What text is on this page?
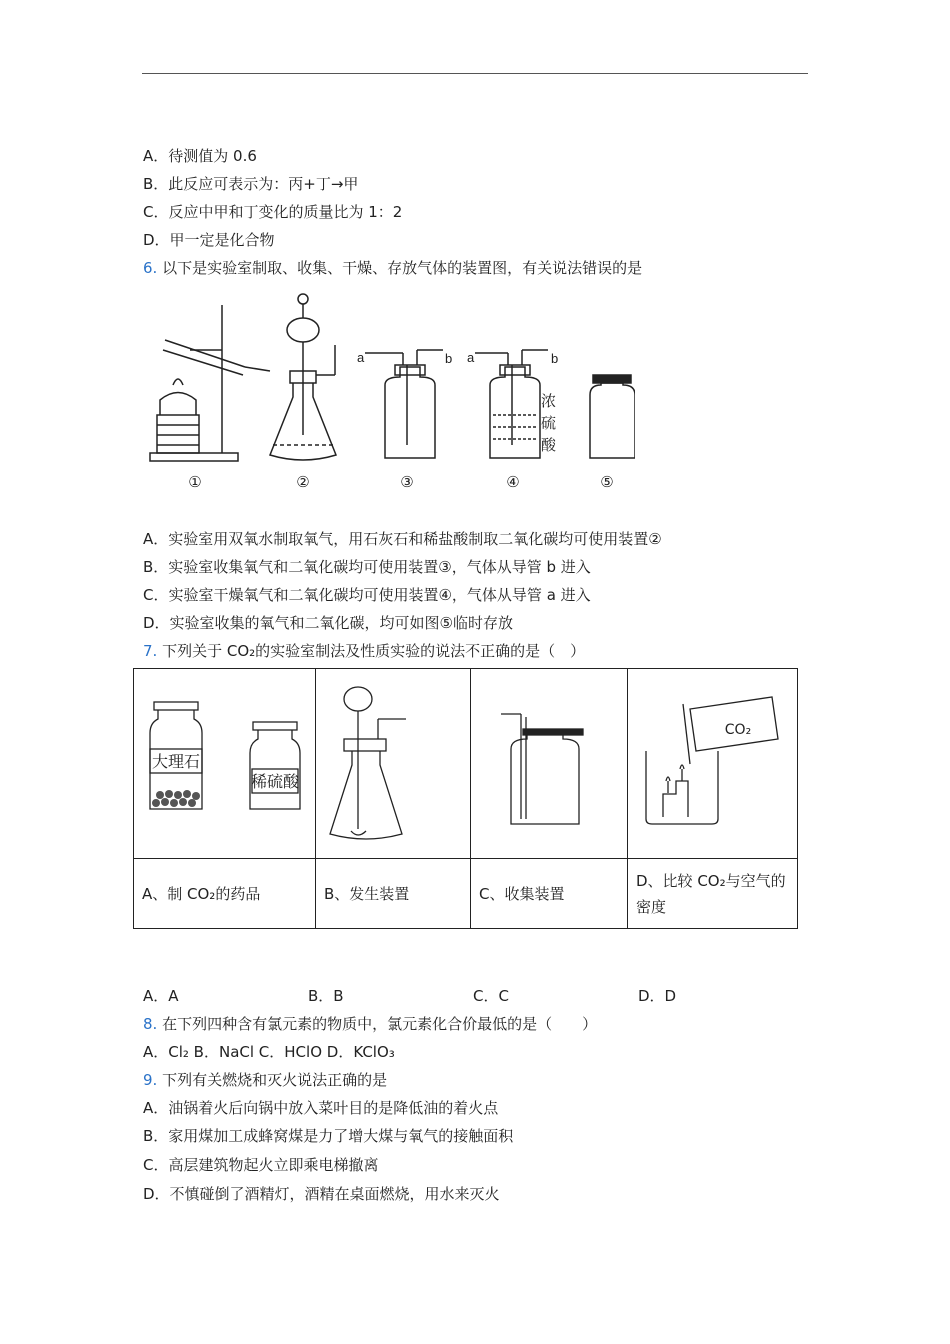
A．待测值为 0.6
B．此反应可表示为：丙+丁→甲
C．反应中甲和丁变化的质量比为 1：2
D．甲一定是化合物
6. 以下是实验室制取、收集、干燥、存放气体的装置图，有关说法错误的是
a	b a	b
浓
硫
酸
①	②	③	④	⑤
A．实验室用双氧水制取氧气，用石灰石和稀盐酸制取二氧化碳均可使用装置②
B．实验室收集氧气和二氧化碳均可使用装置③，气体从导管 b 进入
C．实验室干燥氧气和二氧化碳均可使用装置④，气体从导管 a 进入
D．实验室收集的氧气和二氧化碳，均可如图⑤临时存放
7. 下列关于 CO₂的实验室制法及性质实验的说法不正确的是（　）
大理石
稀硫酸			CO₂

A、制 CO₂的药品	B、发生装置	C、收集装置	D、比较 CO₂与空气的密度
A．A	B．B	C．C	D．D
8. 在下列四种含有氯元素的物质中，氯元素化合价最低的是（　　）
A．Cl₂ B．NaCl C．HClO D．KClO₃
9. 下列有关燃烧和灭火说法正确的是
A．油锅着火后向锅中放入菜叶目的是降低油的着火点
B．家用煤加工成蜂窝煤是力了增大煤与氧气的接触面积
C．高层建筑物起火立即乘电梯撤离
D．不慎碰倒了酒精灯，酒精在桌面燃烧，用水来灭火
